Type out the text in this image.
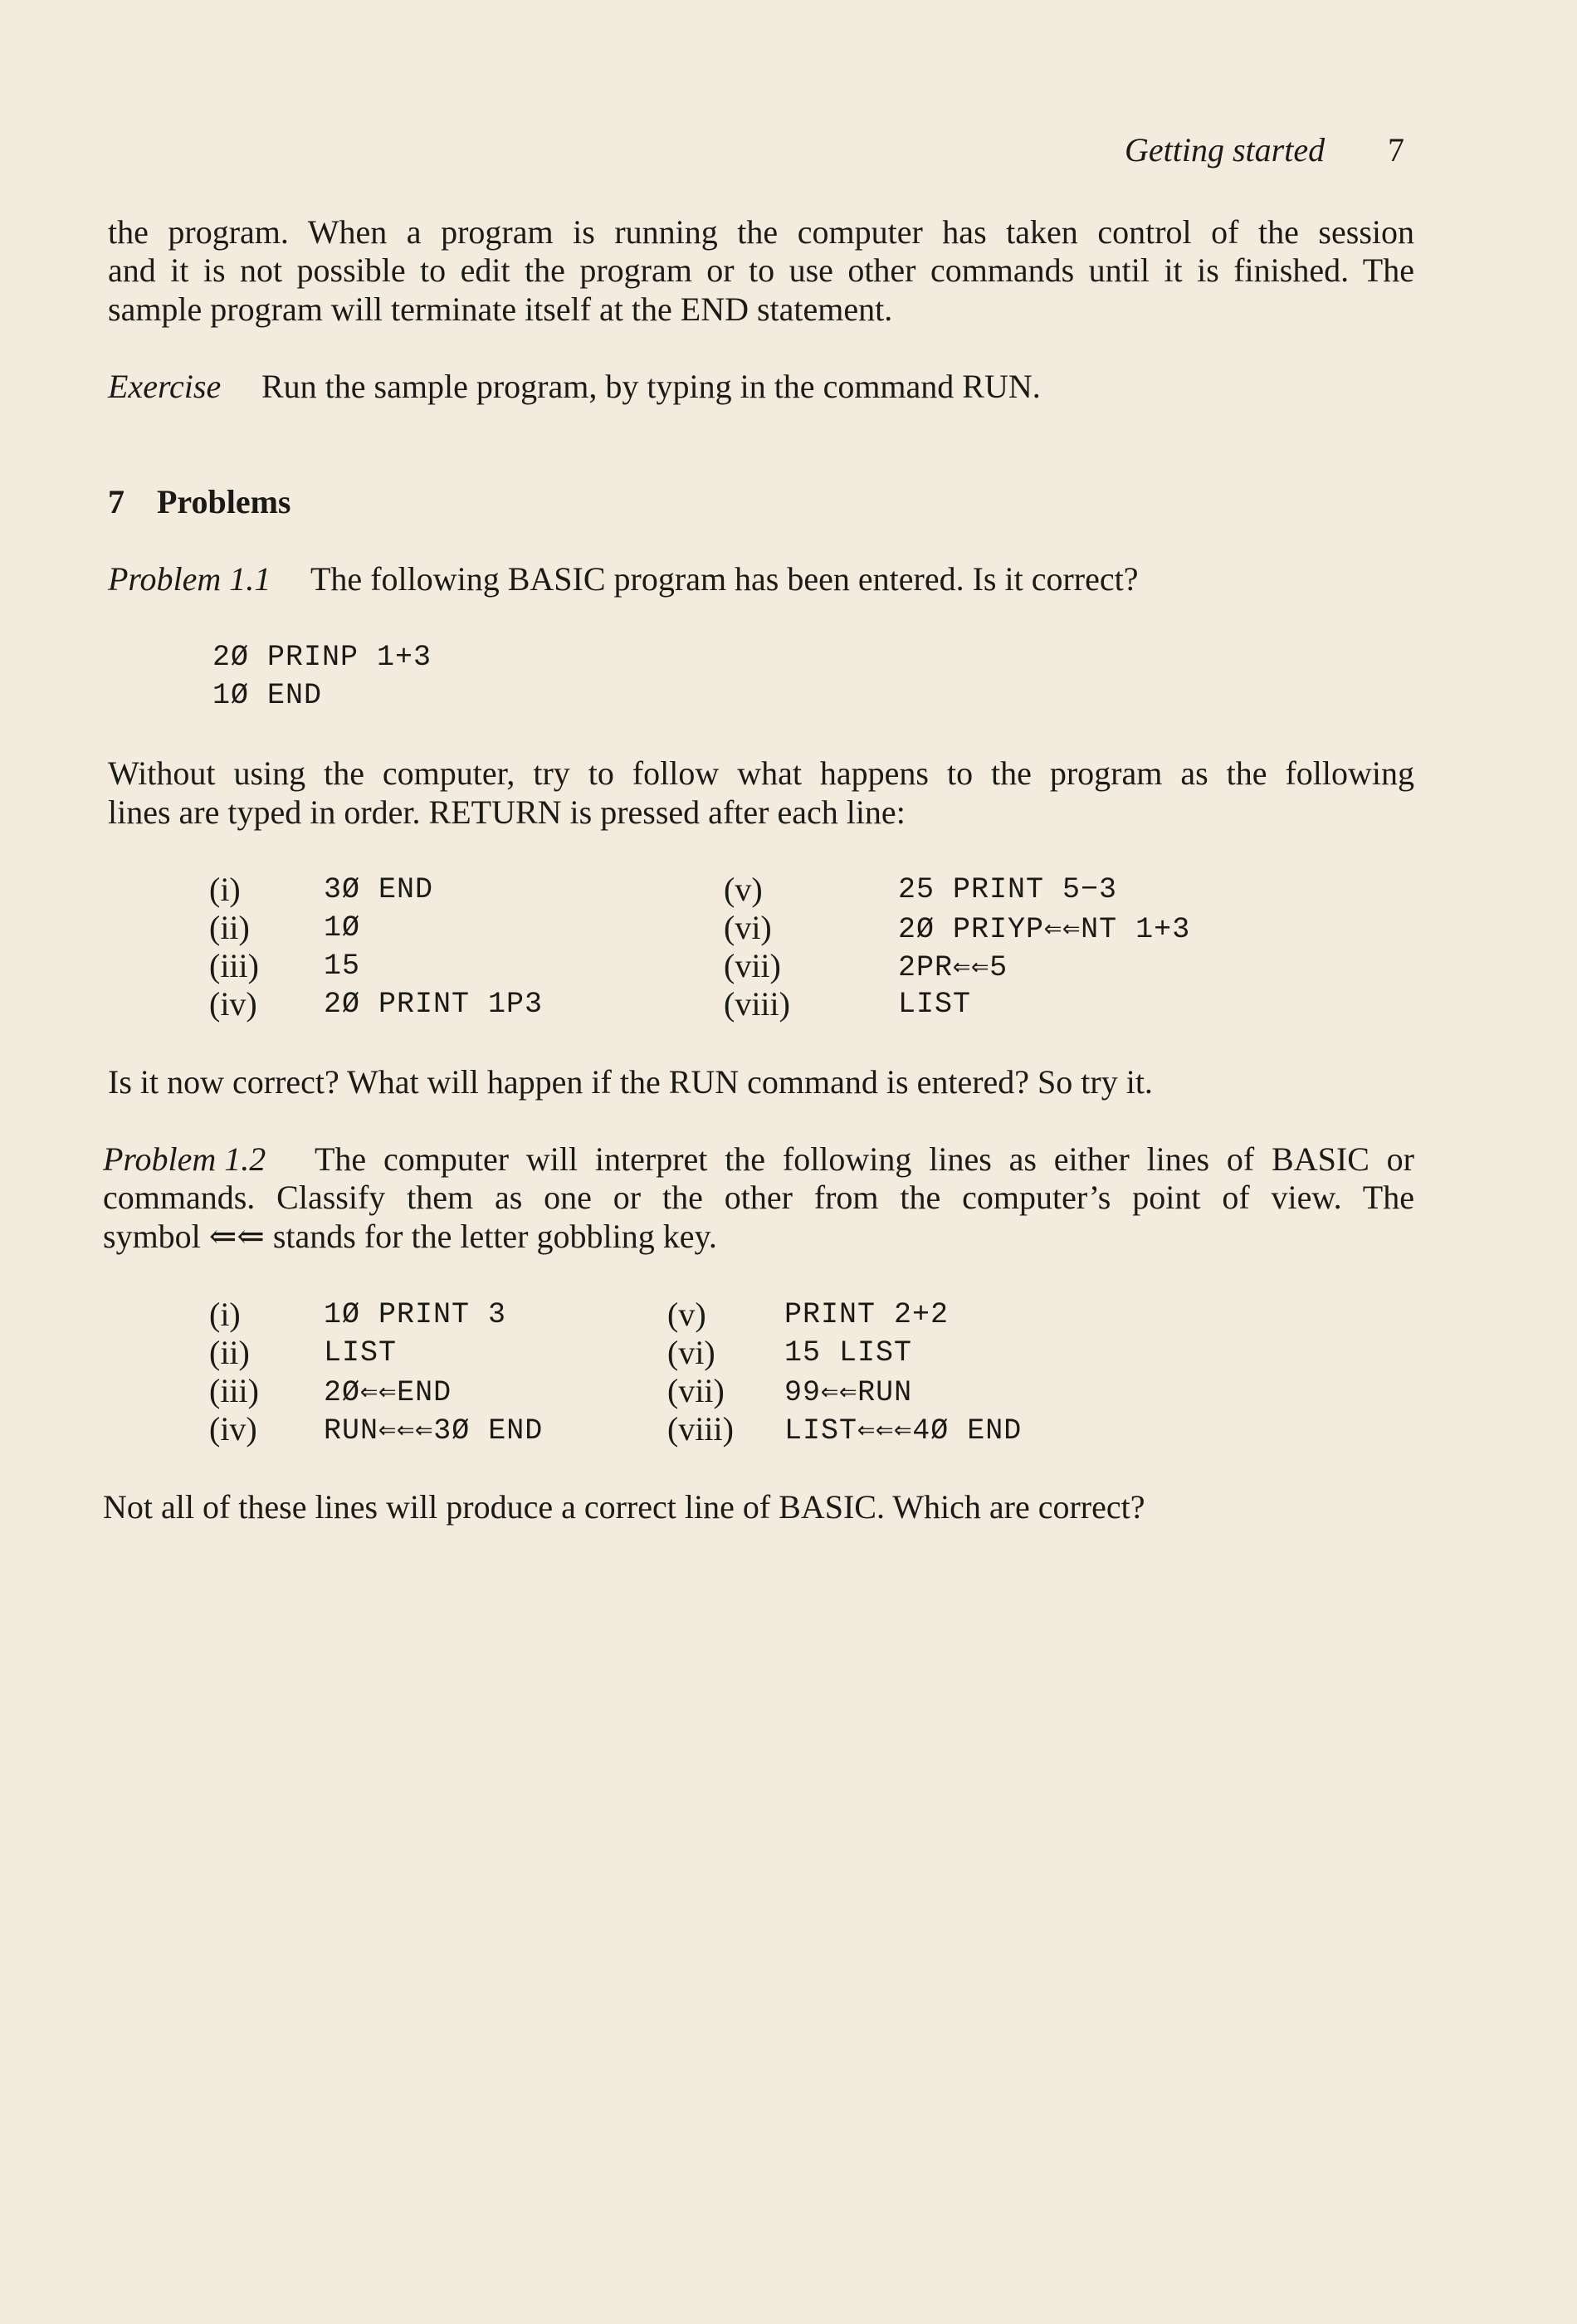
Getting started 7
the program. When a program is running the computer has taken control of the session
and it is not possible to edit the program or to use other commands until it is finished. The
sample program will terminate itself at the END statement.
Exercise Run the sample program, by typing in the command RUN.
7 Problems
Problem 1.1 The following BASIC program has been entered. Is it correct?
2Ø PRINP 1+3
1Ø END
Without using the computer, try to follow what happens to the program as the following
lines are typed in order. RETURN is pressed after each line:
(i)	3Ø END
(ii)	1Ø
(iii) 15
(iv) 2Ø PRINT 1P3
(v)	25 PRINT 5−3
(vi)	2Ø PRIYP⇐⇐NT 1+3
(vii)	2PR⇐⇐5
(viii)	LIST
Is it now correct? What will happen if the RUN command is entered? So try it.
Problem 1.2 The computer will interpret the following lines as either lines of BASIC or
commands. Classify them as one or the other from the computer’s point of view. The
symbol ⇐⇐ stands for the letter gobbling key.
(i)	1Ø PRINT 3
(ii)	LIST
(iii) 2Ø⇐⇐END
(iv) RUN⇐⇐⇐3Ø END
(v)	PRINT 2+2
(vi) 15 LIST
(vii) 99⇐⇐RUN
(viii) LIST⇐⇐⇐4Ø END
Not all of these lines will produce a correct line of BASIC. Which are correct?
